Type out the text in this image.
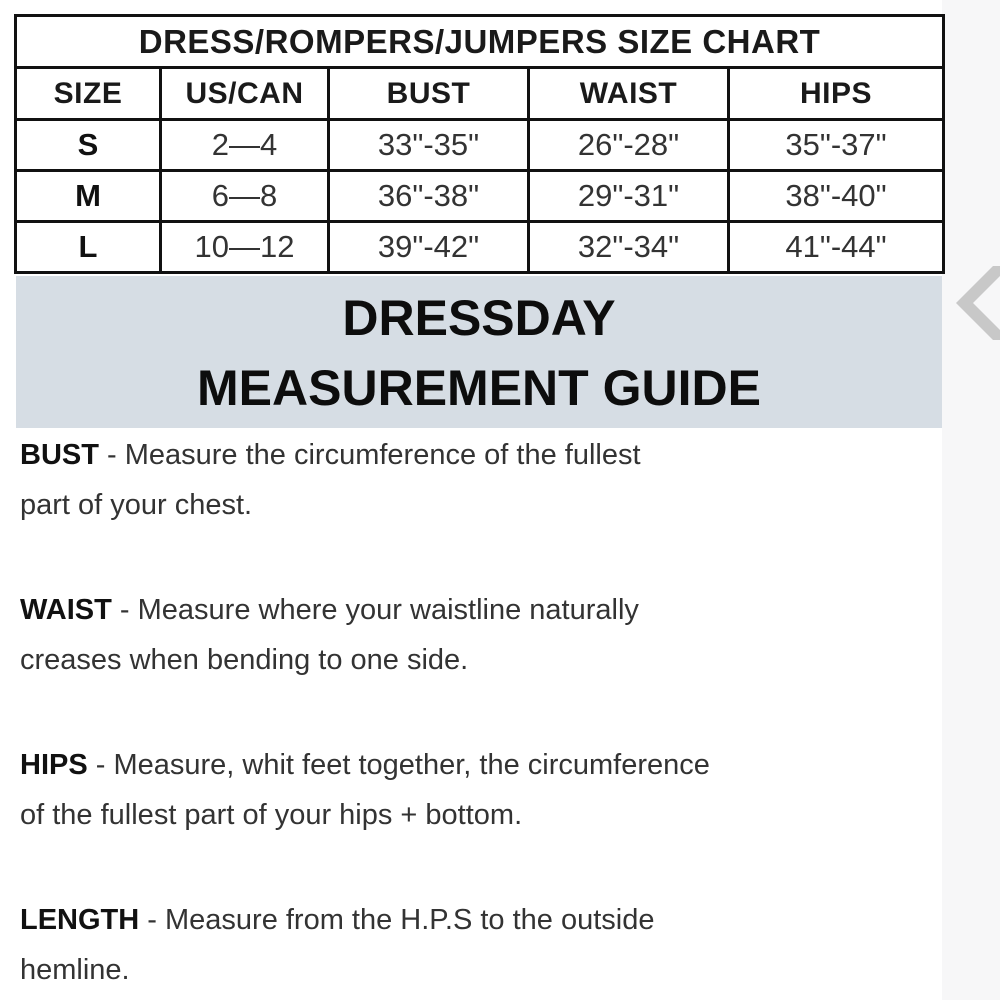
DRESS/ROMPERS/JUMPERS SIZE CHART				
SIZE	US/CAN	BUST	WAIST	HIPS
S	2—4	33"-35"	26"-28"	35"-37"
M	6—8	36"-38"	29"-31"	38"-40"
L	10—12	39"-42"	32"-34"	41"-44"
DRESSDAY
MEASUREMENT GUIDE
BUST - Measure the circumference of the fullest
part of your chest.
WAIST - Measure where your waistline naturally
creases when bending to one side.
HIPS - Measure, whit feet together, the circumference
of the fullest part of your hips + bottom.
LENGTH - Measure from the H.P.S to the outside
hemline.
